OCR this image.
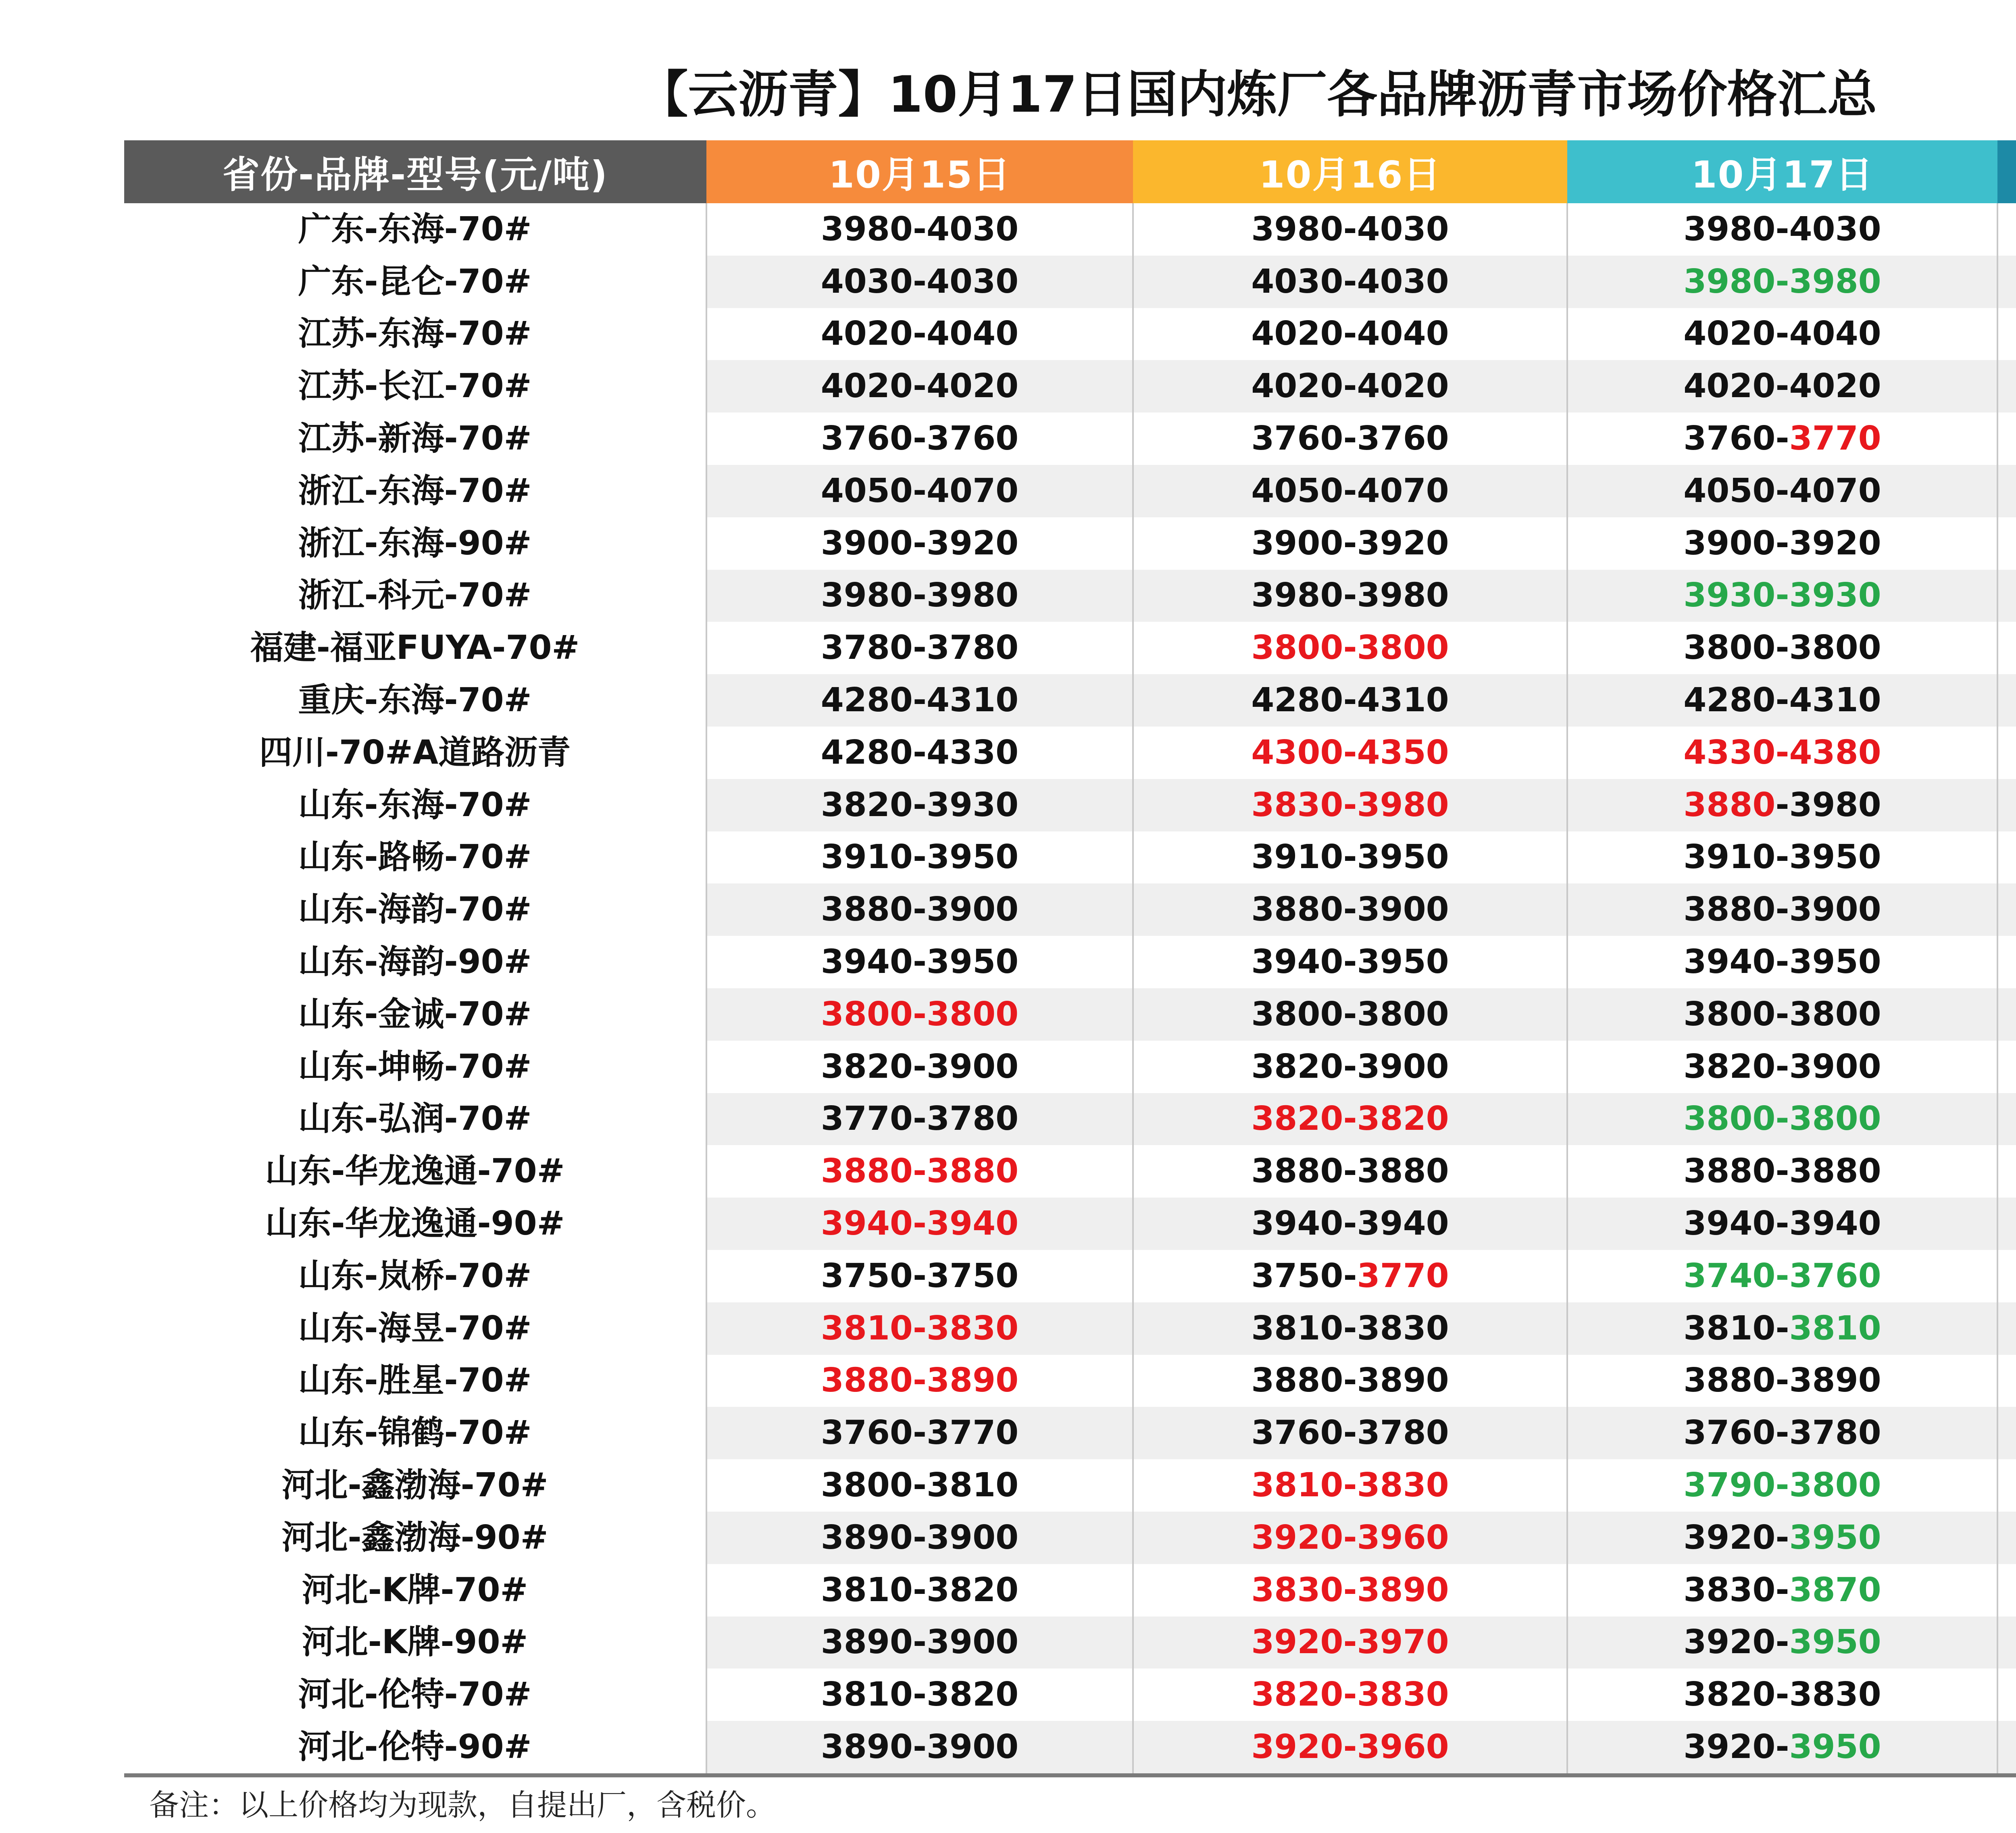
【云沥青】10月17日国内炼厂各品牌沥青市场价格汇总
省份-品牌-型号(元/吨)	10月15日	10月16日	10月17日	
广东-东海-70#	3980-4030	3980-4030	3980-4030	
广东-昆仑-70#	4030-4030	4030-4030	3980-3980	
江苏-东海-70#	4020-4040	4020-4040	4020-4040	
江苏-长江-70#	4020-4020	4020-4020	4020-4020	
江苏-新海-70#	3760-3760	3760-3760	3760-3770	
浙江-东海-70#	4050-4070	4050-4070	4050-4070	
浙江-东海-90#	3900-3920	3900-3920	3900-3920	
浙江-科元-70#	3980-3980	3980-3980	3930-3930	
福建-福亚FUYA-70#	3780-3780	3800-3800	3800-3800	
重庆-东海-70#	4280-4310	4280-4310	4280-4310	
四川-70#A道路沥青	4280-4330	4300-4350	4330-4380	
山东-东海-70#	3820-3930	3830-3980	3880-3980	
山东-路畅-70#	3910-3950	3910-3950	3910-3950	
山东-海韵-70#	3880-3900	3880-3900	3880-3900	
山东-海韵-90#	3940-3950	3940-3950	3940-3950	
山东-金诚-70#	3800-3800	3800-3800	3800-3800	
山东-坤畅-70#	3820-3900	3820-3900	3820-3900	
山东-弘润-70#	3770-3780	3820-3820	3800-3800	
山东-华龙逸通-70#	3880-3880	3880-3880	3880-3880	
山东-华龙逸通-90#	3940-3940	3940-3940	3940-3940	
山东-岚桥-70#	3750-3750	3750-3770	3740-3760	
山东-海昱-70#	3810-3830	3810-3830	3810-3810	
山东-胜星-70#	3880-3890	3880-3890	3880-3890	
山东-锦鹤-70#	3760-3770	3760-3780	3760-3780	
河北-鑫渤海-70#	3800-3810	3810-3830	3790-3800	
河北-鑫渤海-90#	3890-3900	3920-3960	3920-3950	
河北-K牌-70#	3810-3820	3830-3890	3830-3870	
河北-K牌-90#	3890-3900	3920-3970	3920-3950	
河北-伦特-70#	3810-3820	3820-3830	3820-3830	
河北-伦特-90#	3890-3900	3920-3960	3920-3950	
备注：以上价格均为现款，自提出厂，含税价。
